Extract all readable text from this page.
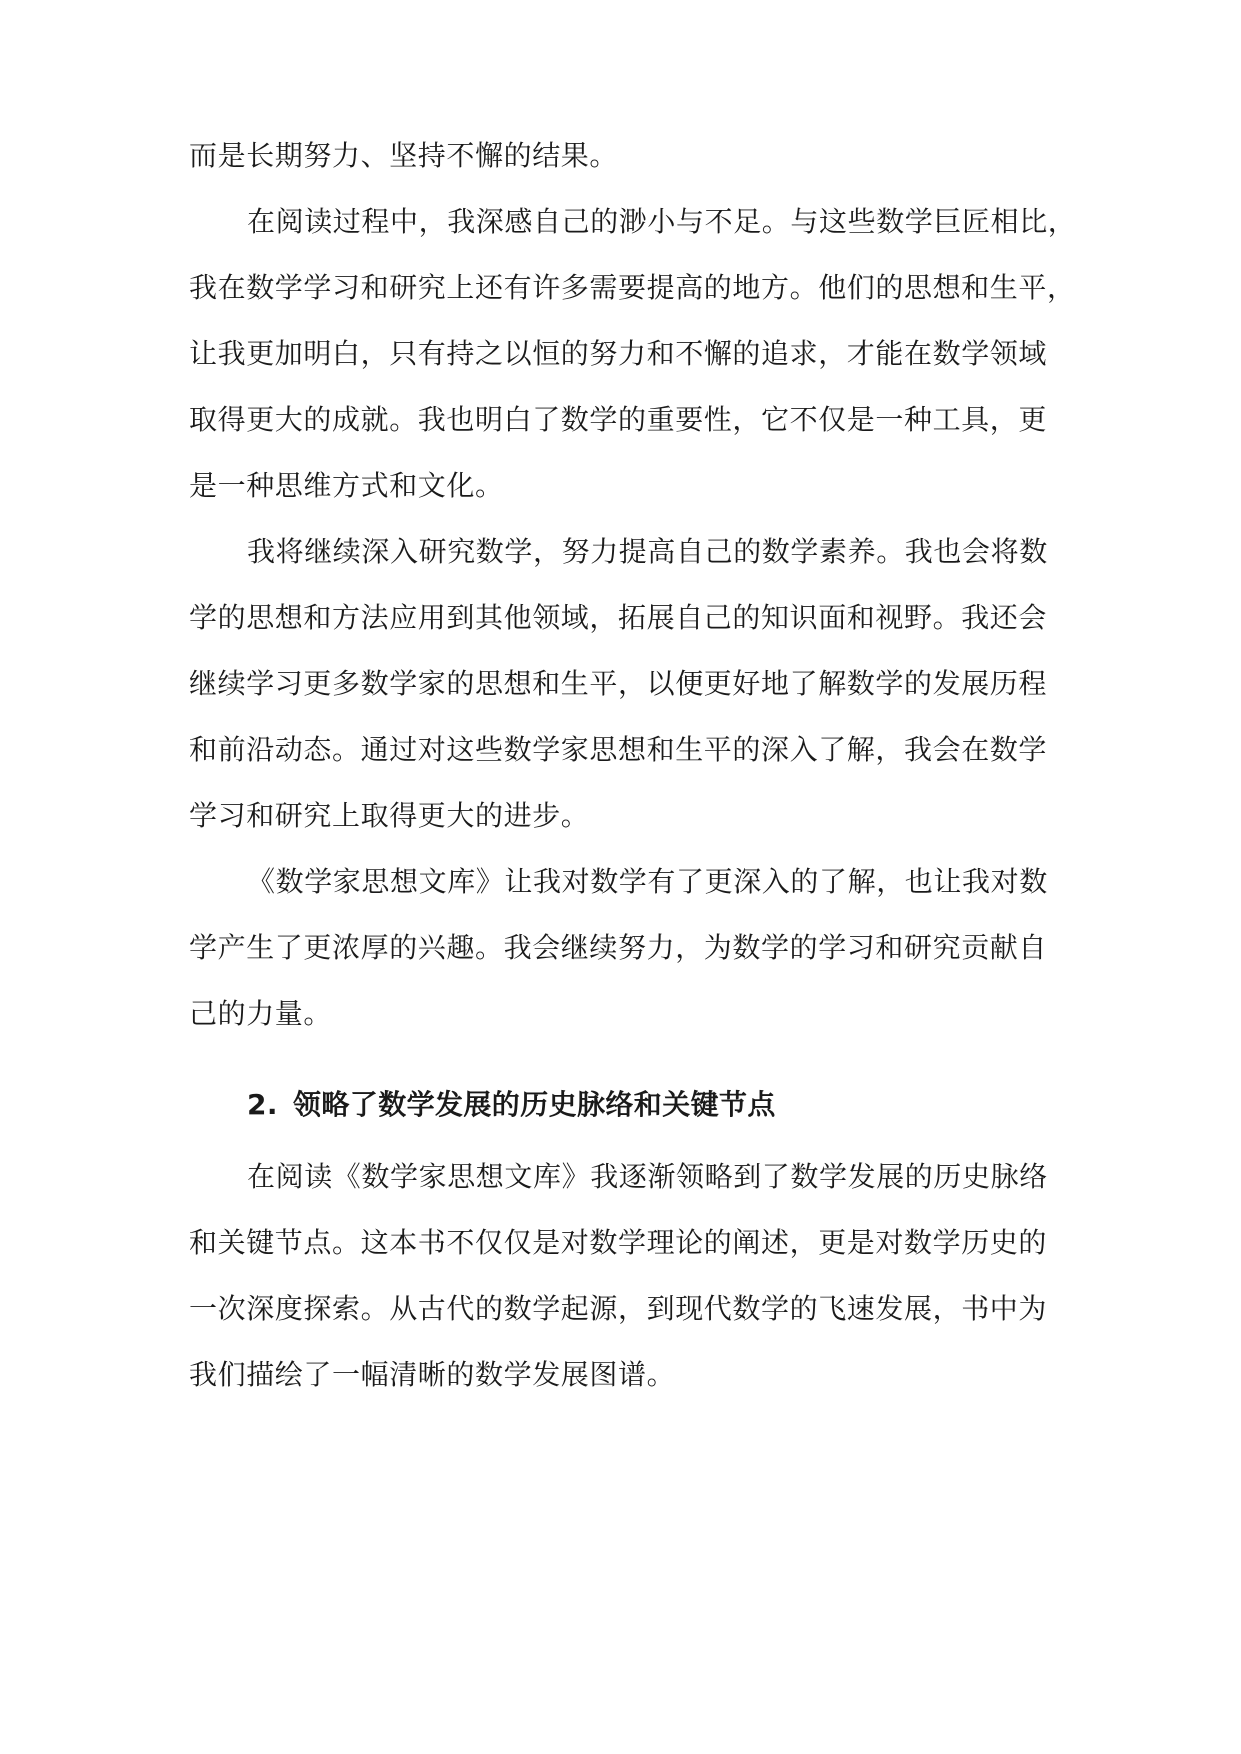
而是长期努力、坚持不懈的结果。
在阅读过程中，我深感自己的渺小与不足。与这些数学巨匠相比，
我在数学学习和研究上还有许多需要提高的地方。他们的思想和生平，
让我更加明白，只有持之以恒的努力和不懈的追求，才能在数学领域
取得更大的成就。我也明白了数学的重要性，它不仅是一种工具，更
是一种思维方式和文化。
我将继续深入研究数学，努力提高自己的数学素养。我也会将数
学的思想和方法应用到其他领域，拓展自己的知识面和视野。我还会
继续学习更多数学家的思想和生平，以便更好地了解数学的发展历程
和前沿动态。通过对这些数学家思想和生平的深入了解，我会在数学
学习和研究上取得更大的进步。
《数学家思想文库》让我对数学有了更深入的了解，也让我对数
学产生了更浓厚的兴趣。我会继续努力，为数学的学习和研究贡献自
己的力量。
2. 领略了数学发展的历史脉络和关键节点
在阅读《数学家思想文库》我逐渐领略到了数学发展的历史脉络
和关键节点。这本书不仅仅是对数学理论的阐述，更是对数学历史的
一次深度探索。从古代的数学起源，到现代数学的飞速发展，书中为
我们描绘了一幅清晰的数学发展图谱。
